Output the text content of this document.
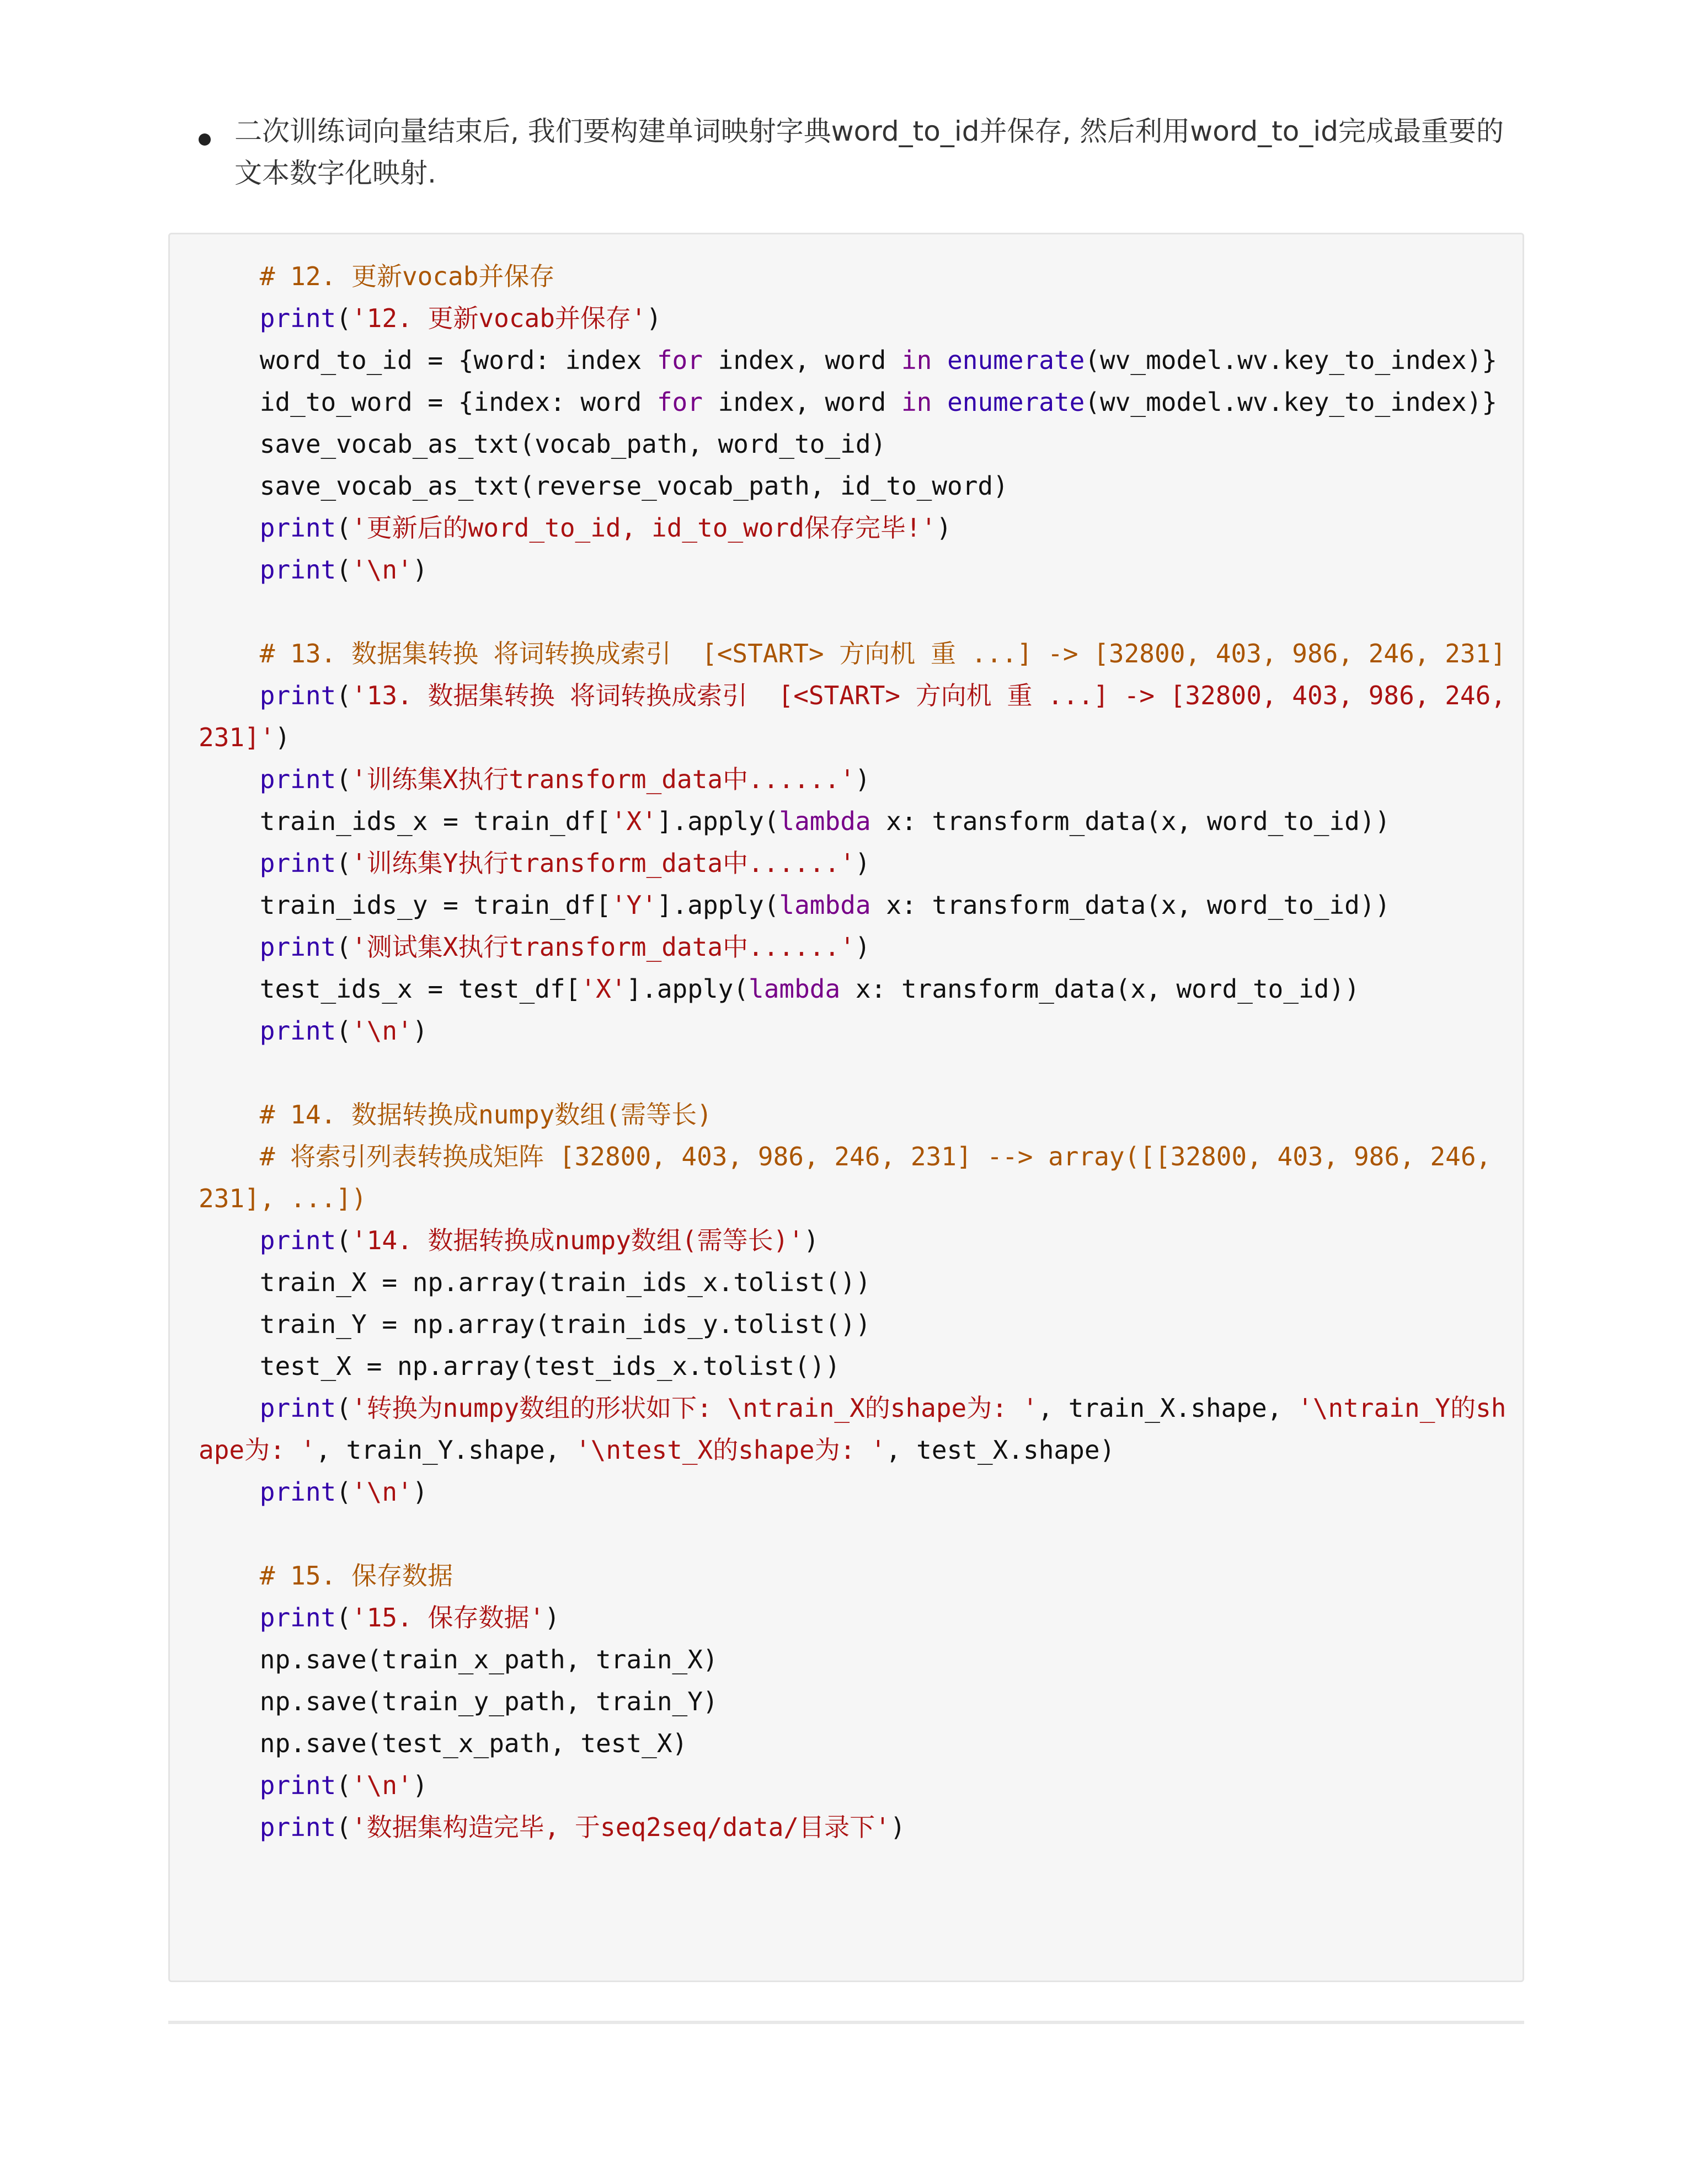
二次训练词向量结束后, 我们要构建单词映射字典word_to_id并保存, 然后利用word_to_id完成最重要的文本数字化映射.
# 12. 更新vocab并保存
print('12. 更新vocab并保存')
word_to_id = {word: index for index, word in enumerate(wv_model.wv.key_to_index)}
id_to_word = {index: word for index, word in enumerate(wv_model.wv.key_to_index)}
save_vocab_as_txt(vocab_path, word_to_id)
save_vocab_as_txt(reverse_vocab_path, id_to_word)
print('更新后的word_to_id, id_to_word保存完毕!')
print('\n')

# 13. 数据集转换 将词转换成索引  [<START> 方向机 重 ...] -> [32800, 403, 986, 246, 231]
print('13. 数据集转换 将词转换成索引  [<START> 方向机 重 ...] -> [32800, 403, 986, 246, 231]')
print('训练集X执行transform_data中......')
train_ids_x = train_df['X'].apply(lambda x: transform_data(x, word_to_id))
print('训练集Y执行transform_data中......')
train_ids_y = train_df['Y'].apply(lambda x: transform_data(x, word_to_id))
print('测试集X执行transform_data中......')
test_ids_x = test_df['X'].apply(lambda x: transform_data(x, word_to_id))
print('\n')

# 14. 数据转换成numpy数组(需等长)
# 将索引列表转换成矩阵 [32800, 403, 986, 246, 231] --> array([[32800, 403, 986, 246, 231], ...])
print('14. 数据转换成numpy数组(需等长)')
train_X = np.array(train_ids_x.tolist())
train_Y = np.array(train_ids_y.tolist())
test_X = np.array(test_ids_x.tolist())
print('转换为numpy数组的形状如下: \ntrain_X的shape为: ', train_X.shape, '\ntrain_Y的shape为: ', train_Y.shape, '\ntest_X的shape为: ', test_X.shape)
print('\n')

# 15. 保存数据
print('15. 保存数据')
np.save(train_x_path, train_X)
np.save(train_y_path, train_Y)
np.save(test_x_path, test_X)
print('\n')
print('数据集构造完毕, 于seq2seq/data/目录下')
